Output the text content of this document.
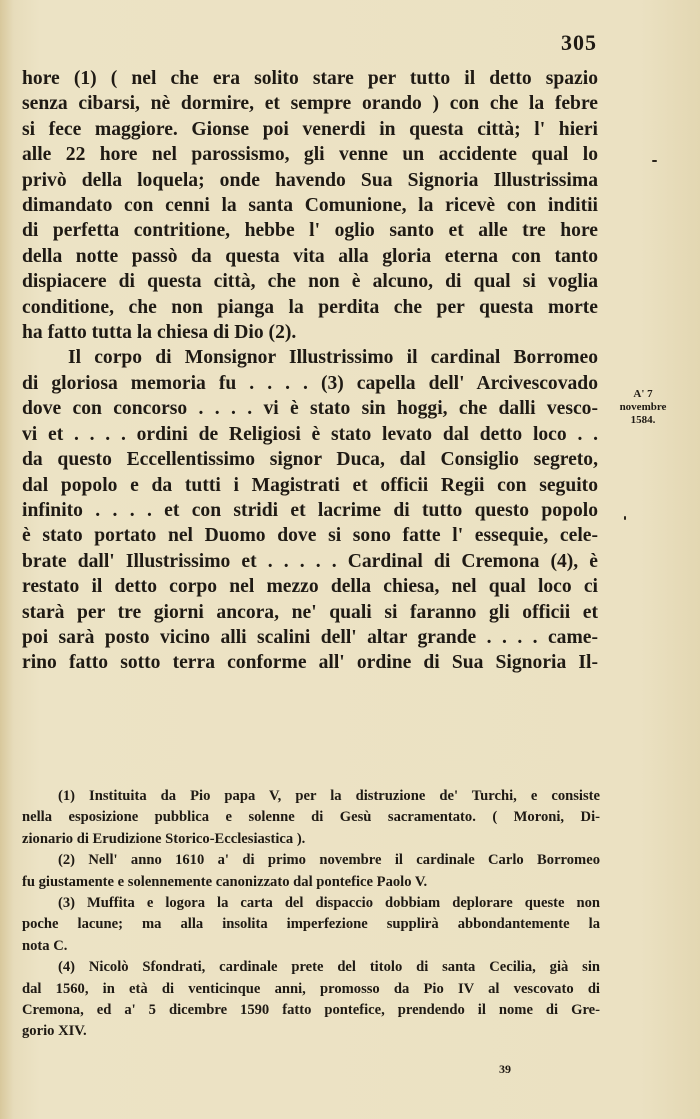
305
hore (1) ( nel che era solito stare per tutto il detto spazio
senza cibarsi, nè dormire, et sempre orando ) con che la febre
si fece maggiore. Gionse poi venerdi in questa città; l' hieri
alle 22 hore nel parossismo, gli venne un accidente qual lo
privò della loquela; onde havendo Sua Signoria Illustrissima
dimandato con cenni la santa Comunione, la ricevè con inditii
di perfetta contritione, hebbe l' oglio santo et alle tre hore
della notte passò da questa vita alla gloria eterna con tanto
dispiacere di questa città, che non è alcuno, di qual si voglia
conditione, che non pianga la perdita che per questa morte
ha fatto tutta la chiesa di Dio (2).
Il corpo di Monsignor Illustrissimo il cardinal Borromeo
di gloriosa memoria fu . . . . (3) capella dell' Arcivescovado
dove con concorso . . . . vi è stato sin hoggi, che dalli vesco-
vi et . . . . ordini de Religiosi è stato levato dal detto loco . .
da questo Eccellentissimo signor Duca, dal Consiglio segreto,
dal popolo e da tutti i Magistrati et officii Regii con seguito
infinito . . . . et con stridi et lacrime di tutto questo popolo
è stato portato nel Duomo dove si sono fatte l' essequie, cele-
brate dall' Illustrissimo et . . . . . Cardinal di Cremona (4), è
restato il detto corpo nel mezzo della chiesa, nel qual loco ci
starà per tre giorni ancora, ne' quali si faranno gli officii et
poi sarà posto vicino alli scalini dell' altar grande . . . . came-
rino fatto sotto terra conforme all' ordine di Sua Signoria Il-
A' 7
novembre
1584.
(1) Instituita da Pio papa V, per la distruzione de' Turchi, e consiste
nella esposizione pubblica e solenne di Gesù sacramentato. ( Moroni, Di-
zionario di Erudizione Storico-Ecclesiastica ).
(2) Nell' anno 1610 a' di primo novembre il cardinale Carlo Borromeo
fu giustamente e solennemente canonizzato dal pontefice Paolo V.
(3) Muffita e logora la carta del dispaccio dobbiam deplorare queste non
poche lacune; ma alla insolita imperfezione supplirà abbondantemente la
nota C.
(4) Nicolò Sfondrati, cardinale prete del titolo di santa Cecilia, già sin
dal 1560, in età di venticinque anni, promosso da Pio IV al vescovato di
Cremona, ed a' 5 dicembre 1590 fatto pontefice, prendendo il nome di Gre-
gorio XIV.
39
